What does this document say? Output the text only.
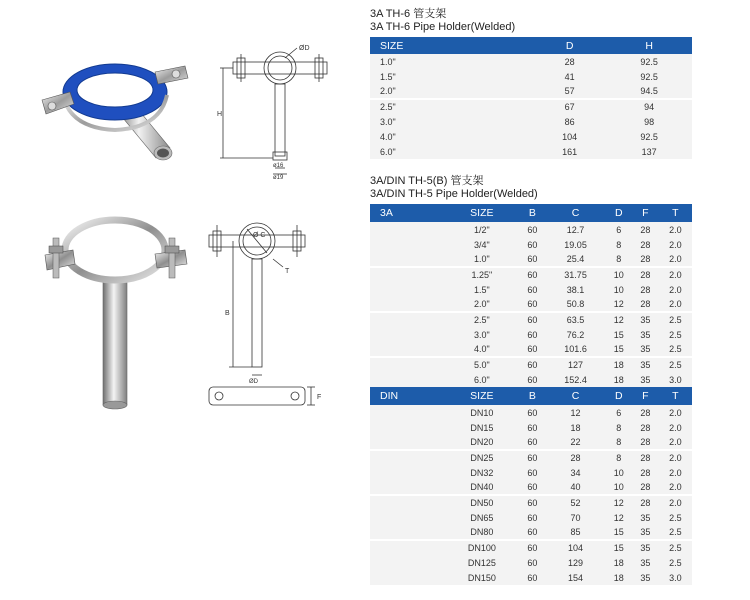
ØD
H
ø16
ø19
Ø C
T
B
ØD
F
3A TH-6 管支架
3A TH-6 Pipe Holder(Welded)
SIZE	D	H
1.0"	28	92.5
1.5"	41	92.5
2.0"	57	94.5
2.5"	67	94
3.0"	86	98
4.0"	104	92.5
6.0"	161	137
3A/DIN TH-5(B) 管支架
3A/DIN TH-5 Pipe Holder(Welded)
3A	SIZE	B	C	D	F	T
	1/2"	60	12.7	6	28	2.0
	3/4"	60	19.05	8	28	2.0
	1.0"	60	25.4	8	28	2.0
	1.25"	60	31.75	10	28	2.0
	1.5"	60	38.1	10	28	2.0
	2.0"	60	50.8	12	28	2.0
	2.5"	60	63.5	12	35	2.5
	3.0"	60	76.2	15	35	2.5
	4.0"	60	101.6	15	35	2.5
	5.0"	60	127	18	35	2.5
	6.0"	60	152.4	18	35	3.0
DIN	SIZE	B	C	D	F	T
	DN10	60	12	6	28	2.0
	DN15	60	18	8	28	2.0
	DN20	60	22	8	28	2.0
	DN25	60	28	8	28	2.0
	DN32	60	34	10	28	2.0
	DN40	60	40	10	28	2.0
	DN50	60	52	12	28	2.0
	DN65	60	70	12	35	2.5
	DN80	60	85	15	35	2.5
	DN100	60	104	15	35	2.5
	DN125	60	129	18	35	2.5
	DN150	60	154	18	35	3.0
